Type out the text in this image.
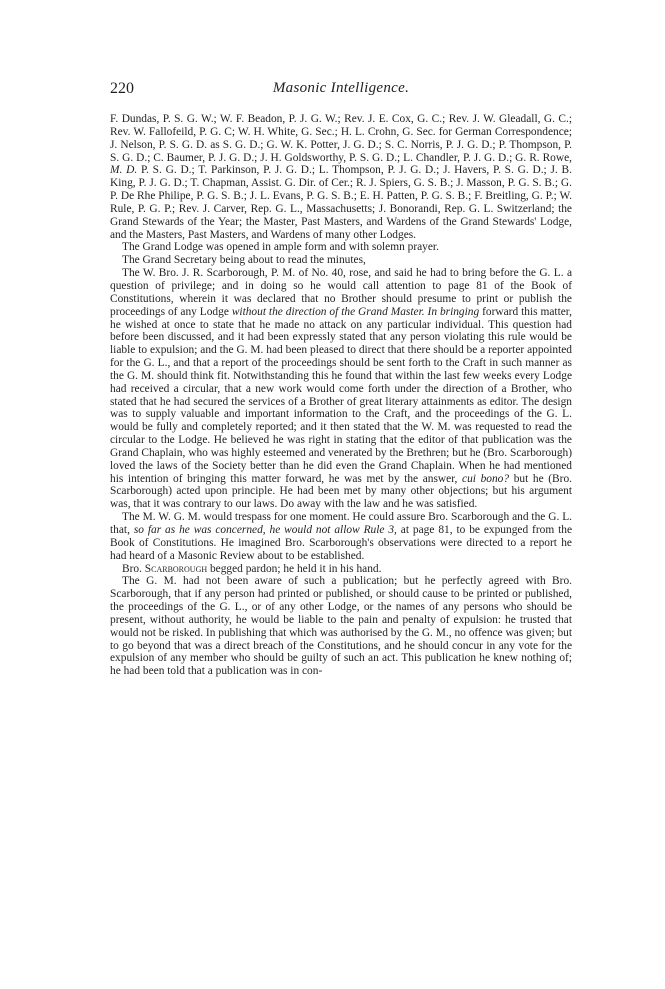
220	Masonic Intelligence.

F. Dundas, P. S. G. W.; W. F. Beadon, P. J. G. W.; Rev. J. E. Cox, G. C.; Rev. J. W. Gleadall, G. C.; Rev. W. Fallofeild, P. G. C; W. H. White, G. Sec.; H. L. Crohn, G. Sec. for German Correspondence; J. Nelson, P. S. G. D. as S. G. D.; G. W. K. Potter, J. G. D.; S. C. Norris, P. J. G. D.; P. Thompson, P. S. G. D.; C. Baumer, P. J. G. D.; J. H. Goldsworthy, P. S. G. D.; L. Chandler, P. J. G. D.; G. R. Rowe, M. D. P. S. G. D.; T. Parkinson, P. J. G. D.; L. Thompson, P. J. G. D.; J. Havers, P. S. G. D.; J. B. King, P. J. G. D.; T. Chapman, Assist. G. Dir. of Cer.; R. J. Spiers, G. S. B.; J. Masson, P. G. S. B.; G. P. De Rhe Philipe, P. G. S. B.; J. L. Evans, P. G. S. B.; E. H. Patten, P. G. S. B.; F. Breitling, G. P.; W. Rule, P. G. P.; Rev. J. Carver, Rep. G. L., Massachusetts; J. Bonorandi, Rep. G. L. Switzerland; the Grand Stewards of the Year; the Master, Past Masters, and Wardens of the Grand Stewards' Lodge, and the Masters, Past Masters, and Wardens of many other Lodges.

The Grand Lodge was opened in ample form and with solemn prayer.

The Grand Secretary being about to read the minutes,

The W. Bro. J. R. Scarborough, P. M. of No. 40, rose, and said he had to bring before the G. L. a question of privilege; and in doing so he would call attention to page 81 of the Book of Constitutions, wherein it was declared that no Brother should presume to print or publish the proceedings of any Lodge without the direction of the Grand Master. In bringing forward this matter, he wished at once to state that he made no attack on any particular individual. This question had before been discussed, and it had been expressly stated that any person violating this rule would be liable to expulsion; and the G. M. had been pleased to direct that there should be a reporter appointed for the G. L., and that a report of the proceedings should be sent forth to the Craft in such manner as the G. M. should think fit. Notwithstanding this he found that within the last few weeks every Lodge had received a circular, that a new work would come forth under the direction of a Brother, who stated that he had secured the services of a Brother of great literary attainments as editor. The design was to supply valuable and important information to the Craft, and the proceedings of the G. L. would be fully and completely reported; and it then stated that the W. M. was requested to read the circular to the Lodge. He believed he was right in stating that the editor of that publication was the Grand Chaplain, who was highly esteemed and venerated by the Brethren; but he (Bro. Scarborough) loved the laws of the Society better than he did even the Grand Chaplain. When he had mentioned his intention of bringing this matter forward, he was met by the answer, cui bono? but he (Bro. Scarborough) acted upon principle. He had been met by many other objections; but his argument was, that it was contrary to our laws. Do away with the law and he was satisfied.

The M. W. G. M. would trespass for one moment. He could assure Bro. Scarborough and the G. L. that, so far as he was concerned, he would not allow Rule 3, at page 81, to be expunged from the Book of Constitutions. He imagined Bro. Scarborough's observations were directed to a report he had heard of a Masonic Review about to be established.

Bro. Scarborough begged pardon; he held it in his hand.

The G. M. had not been aware of such a publication; but he perfectly agreed with Bro. Scarborough, that if any person had printed or published, or should cause to be printed or published, the proceedings of the G. L., or of any other Lodge, or the names of any persons who should be present, without authority, he would be liable to the pain and penalty of expulsion: he trusted that would not be risked. In publishing that which was authorised by the G. M., no offence was given; but to go beyond that was a direct breach of the Constitutions, and he should concur in any vote for the expulsion of any member who should be guilty of such an act. This publication he knew nothing of; he had been told that a publication was in con-
